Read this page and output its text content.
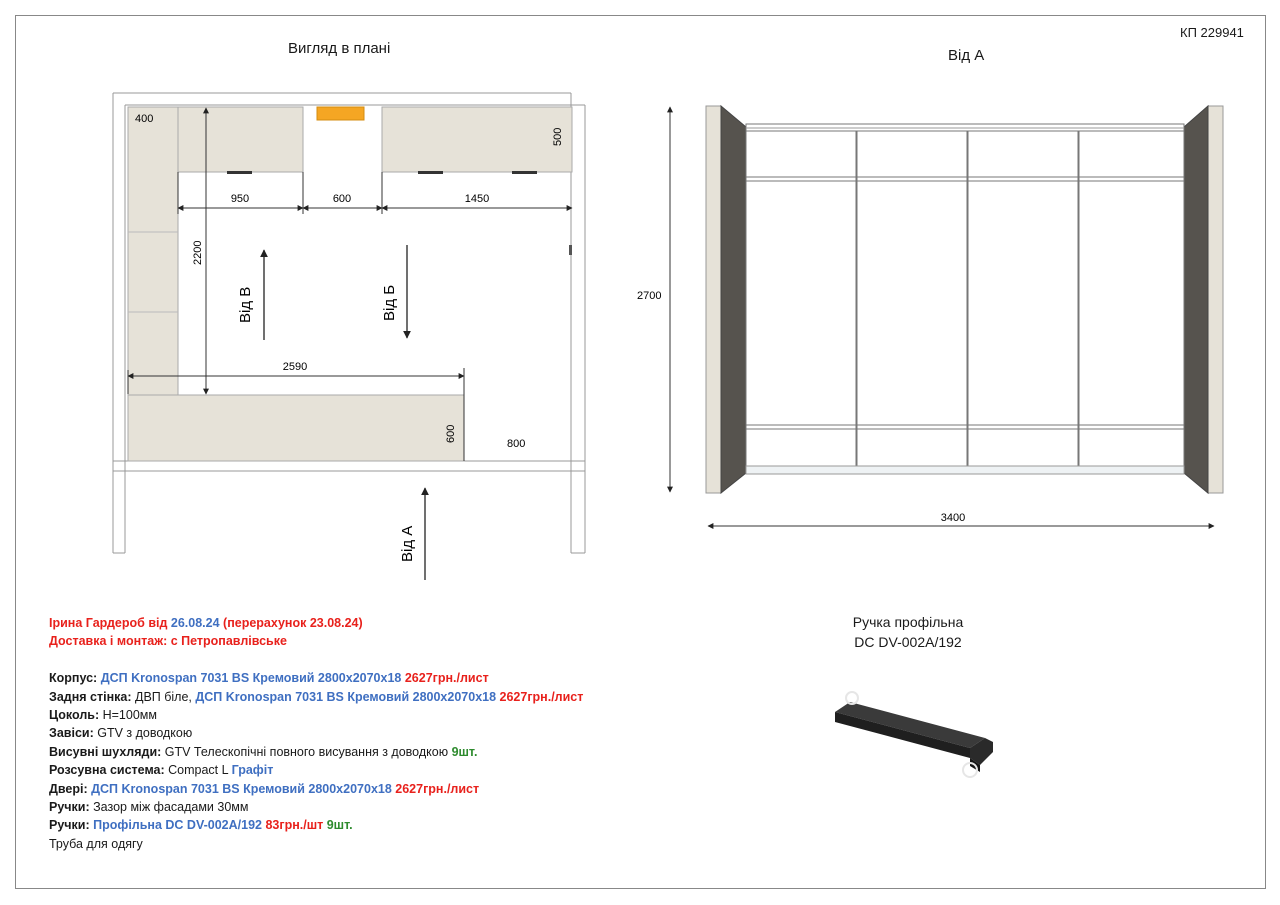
КП 229941
Вигляд в плані	Від А
400
500
950	600	1450
2200
2590
600
800
Від В	Від Б
Від А
2700
3400
Ручка профільна
DC DV-002A/192
Ірина Гардероб від 26.08.24 (перерахунок 23.08.24)
Доставка і монтаж: с Петропавлівське
Корпус: ДСП Kronospan 7031 BS Кремовий 2800х2070х18 2627грн./лист
Задня стінка: ДВП біле, ДСП Kronospan 7031 BS Кремовий 2800х2070х18 2627грн./лист
Цоколь: Н=100мм
Завіси: GTV з доводкою
Висувні шухляди: GTV Телескопічні повного висування з доводкою 9шт.
Розсувна система: Compact L Графіт
Двері: ДСП Kronospan 7031 BS Кремовий 2800х2070х18 2627грн./лист
Ручки: Зазор між фасадами 30мм
Ручки: Профільна DC DV-002A/192 83грн./шт 9шт.
Труба для одягу
